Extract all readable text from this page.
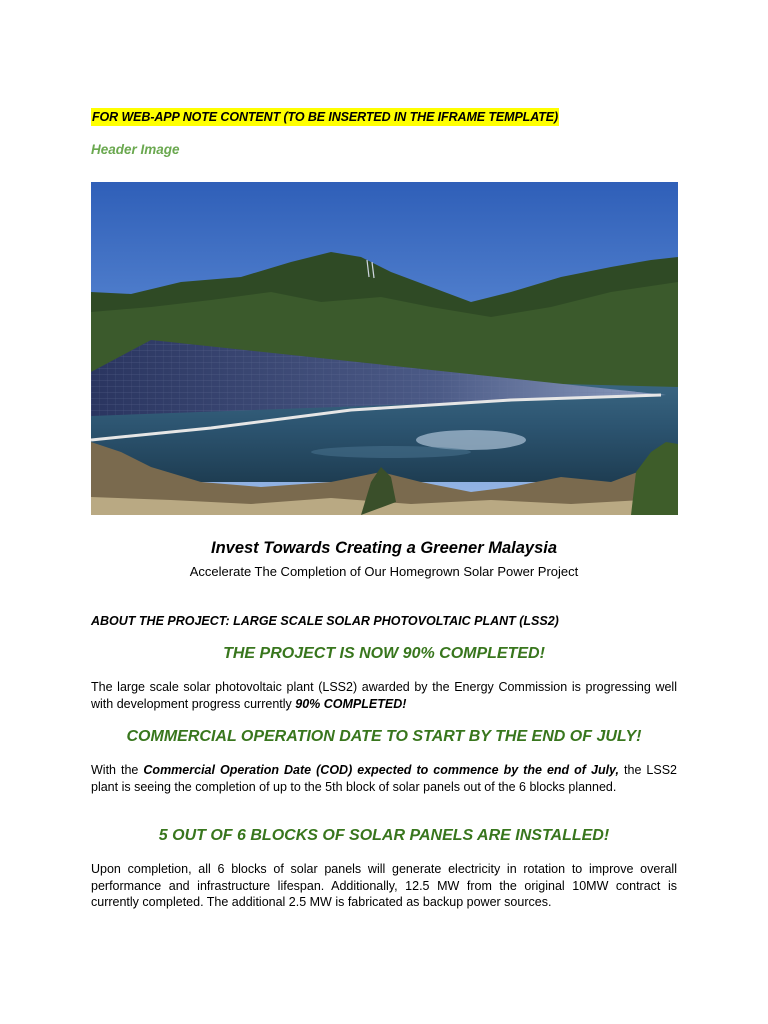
FOR WEB-APP NOTE CONTENT (TO BE INSERTED IN THE IFRAME TEMPLATE)
Header Image
Invest Towards Creating a Greener Malaysia
Accelerate The Completion of Our Homegrown Solar Power Project
ABOUT THE PROJECT: LARGE SCALE SOLAR PHOTOVOLTAIC PLANT (LSS2)
THE PROJECT IS NOW 90% COMPLETED!
The large scale solar photovoltaic plant (LSS2) awarded by the Energy Commission is progressing well with development progress currently 90% COMPLETED!
COMMERCIAL OPERATION DATE TO START BY THE END OF JULY!
With the Commercial Operation Date (COD) expected to commence by the end of July, the LSS2 plant is seeing the completion of up to the 5th block of solar panels out of the 6 blocks planned.
5 OUT OF 6 BLOCKS OF SOLAR PANELS ARE INSTALLED!
Upon completion, all 6 blocks of solar panels will generate electricity in rotation to improve overall performance and infrastructure lifespan. Additionally, 12.5 MW from the original 10MW contract is currently completed. The additional 2.5 MW is fabricated as backup power sources.
